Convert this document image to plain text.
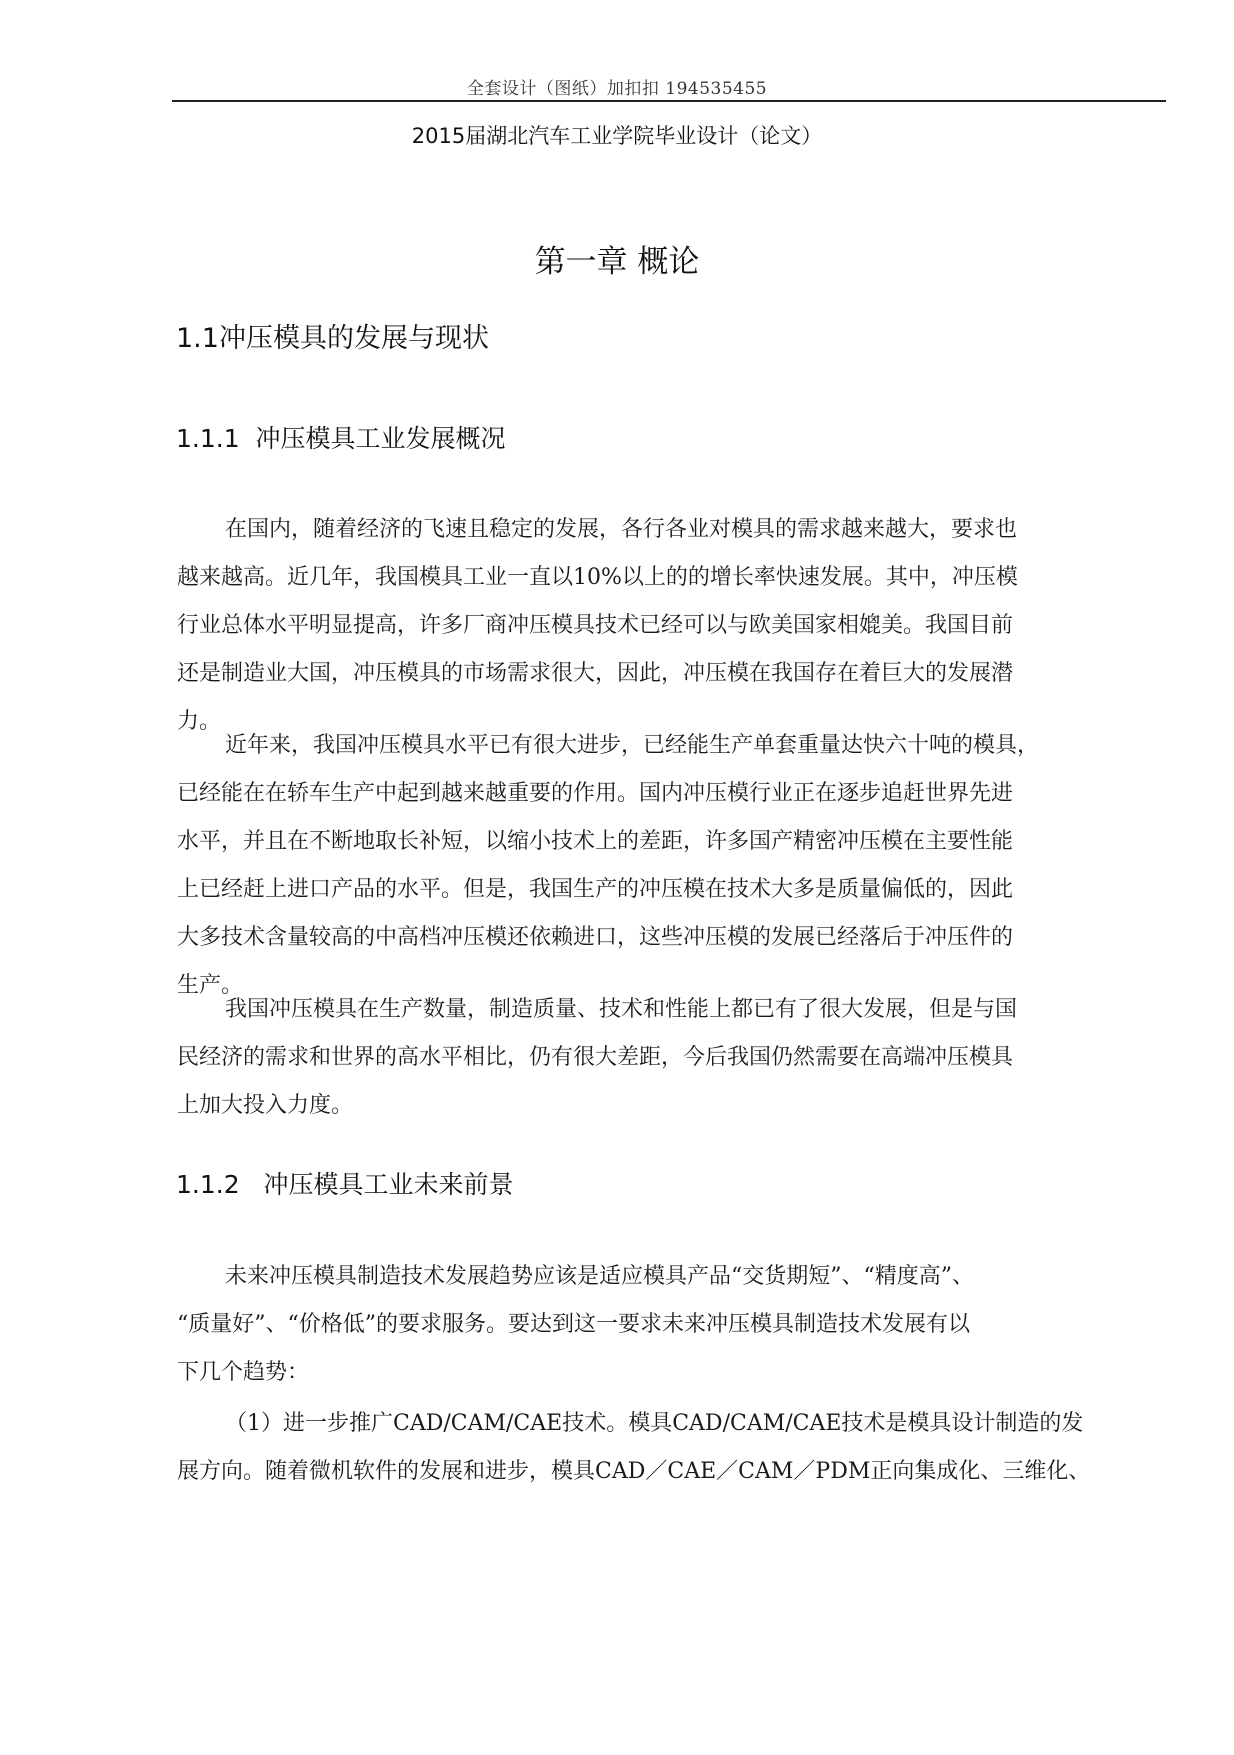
全套设计（图纸）加扣扣 194535455
2015届湖北汽车工业学院毕业设计（论文）
第一章 概论
1.1冲压模具的发展与现状
1.1.1  冲压模具工业发展概况
在国内，随着经济的飞速且稳定的发展，各行各业对模具的需求越来越大，要求也
越来越高。近几年，我国模具工业一直以10%以上的的增长率快速发展。其中，冲压模
行业总体水平明显提高，许多厂商冲压模具技术已经可以与欧美国家相媲美。我国目前
还是制造业大国，冲压模具的市场需求很大，因此，冲压模在我国存在着巨大的发展潜
力。
近年来，我国冲压模具水平已有很大进步，已经能生产单套重量达快六十吨的模具，
已经能在在轿车生产中起到越来越重要的作用。国内冲压模行业正在逐步追赶世界先进
水平，并且在不断地取长补短，以缩小技术上的差距，许多国产精密冲压模在主要性能
上已经赶上进口产品的水平。但是，我国生产的冲压模在技术大多是质量偏低的，因此
大多技术含量较高的中高档冲压模还依赖进口，这些冲压模的发展已经落后于冲压件的
生产。
我国冲压模具在生产数量，制造质量、技术和性能上都已有了很大发展，但是与国
民经济的需求和世界的高水平相比，仍有很大差距，今后我国仍然需要在高端冲压模具
上加大投入力度。
1.1.2   冲压模具工业未来前景
未来冲压模具制造技术发展趋势应该是适应模具产品“交货期短”、“精度高”、
“质量好”、“价格低”的要求服务。要达到这一要求未来冲压模具制造技术发展有以
下几个趋势：
（1）进一步推广CAD/CAM/CAE技术。模具CAD/CAM/CAE技术是模具设计制造的发
展方向。随着微机软件的发展和进步，模具CAD／CAE／CAM／PDM正向集成化、三维化、
